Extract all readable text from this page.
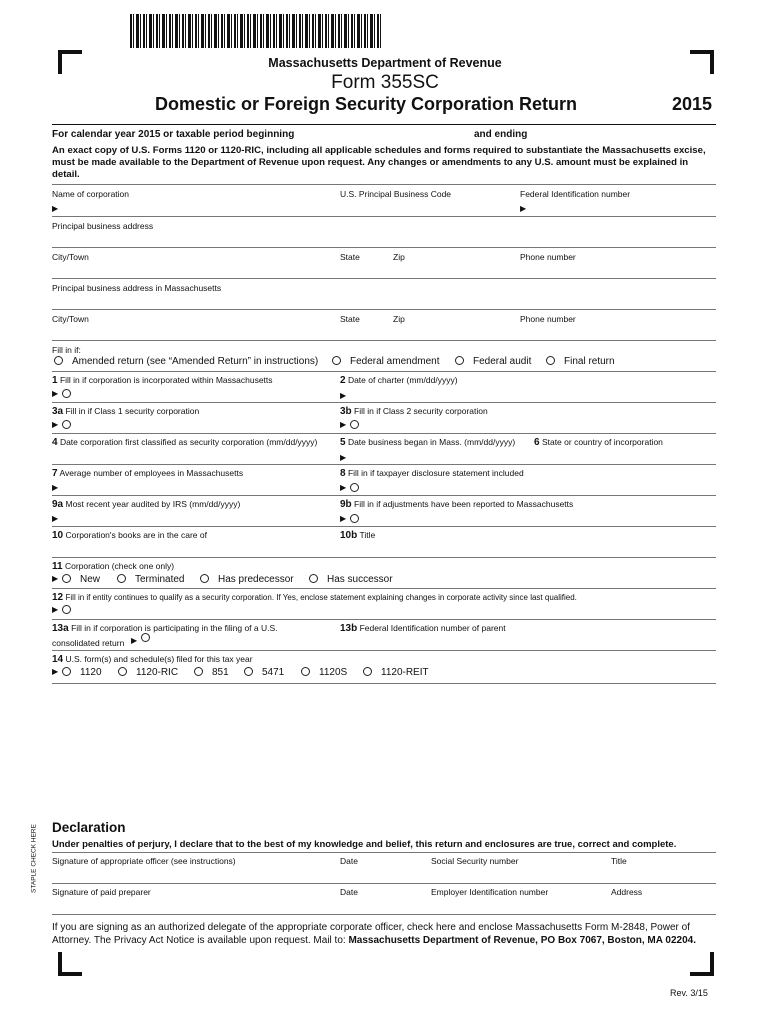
Massachusetts Department of Revenue
Form 355SC
Domestic or Foreign Security Corporation Return	2015
For calendar year 2015 or taxable period beginning	and ending
An exact copy of U.S. Forms 1120 or 1120-RIC, including all applicable schedules and forms required to substantiate the Massachusetts excise, must be made available to the Department of Revenue upon request. Any changes or amendments to any U.S. amount must be explained in detail.
Name of corporation	U.S. Principal Business Code	Federal Identification number
▶	▶
Principal business address
City/Town	State	Zip	Phone number
Principal business address in Massachusetts
City/Town	State	Zip	Phone number
Fill in if:
Amended return (see “Amended Return” in instructions)	Federal amendment	Federal audit	Final return
1 Fill in if corporation is incorporated within Massachusetts	2 Date of charter (mm/dd/yyyy)
▶	▶
3a Fill in if Class 1 security corporation	3b Fill in if Class 2 security corporation
▶	▶
4 Date corporation first classified as security corporation (mm/dd/yyyy) 5 Date business began in Mass. (mm/dd/yyyy) 6 State or country of incorporation
▶
7 Average number of employees in Massachusetts	8 Fill in if taxpayer disclosure statement included
▶	▶
9a Most recent year audited by IRS (mm/dd/yyyy)	9b Fill in if adjustments have been reported to Massachusetts
▶	▶
10 Corporation's books are in the care of	10b Title
11 Corporation (check one only)
▶ New	Terminated	Has predecessor	Has successor
12 Fill in if entity continues to qualify as a security corporation. If Yes, enclose statement explaining changes in corporate activity since last qualified.
▶
13a Fill in if corporation is participating in the filing of a U.S.	13b Federal Identification number of parent
consolidated return ▶
14 U.S. form(s) and schedule(s) filed for this tax year
▶ 1120	1120-RIC	851	5471	1120S	1120-REIT
STAPLE CHECK HERE Declaration
Under penalties of perjury, I declare that to the best of my knowledge and belief, this return and enclosures are true, correct and complete.
Signature of appropriate officer (see instructions)	Date	Social Security number	Title
Signature of paid preparer	Date	Employer Identification number	Address
If you are signing as an authorized delegate of the appropriate corporate officer, check here and enclose Massachusetts Form M-2848, Power of Attorney. The Privacy Act Notice is available upon request. Mail to: Massachusetts Department of Revenue, PO Box 7067, Boston, MA 02204.
Rev. 3/15
